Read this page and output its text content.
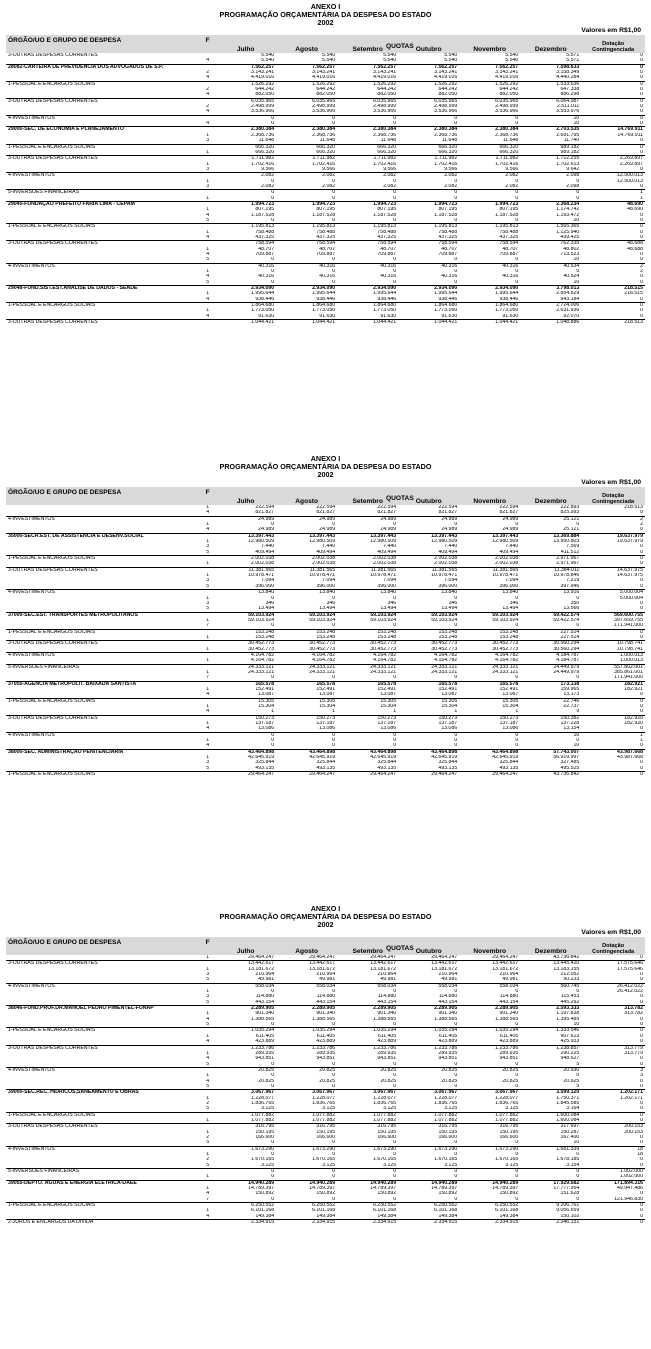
ANEXO I
PROGRAMAÇÃO ORÇAMENTÁRIA DA DESPESA DO ESTADO
2002
Valores em R$1,00
ÓRGÃO/UO E GRUPO DE DESPESA	F	Julho	Agosto	Setembro	Outubro	Novembro	Dezembro	Dotação Contingenciada
QUOTAS
3-OUTRAS DESPESAS CORRENTES		5.540	5.540	5.540	5.540	5.540	5.571	0
	4	5.540	5.540	5.540	5.540	5.540	5.571	0
28082-CARTEIRA DE PREVIDÊNCIA DOS ADVOGADOS DE S.P.		7.562.257	7.562.257	7.562.257	7.562.257	7.562.257	7.598.633	0
	2	3.143.241	3.143.241	3.143.241	3.143.241	3.143.241	3.158.349	0
	4	4.419.016	4.419.016	4.419.016	4.419.016	4.419.016	4.440.284	0
1-PESSOAL E ENCARGOS SOCIAIS		1.526.292	1.526.292	1.526.292	1.526.292	1.526.292	1.533.636	0
	2	644.242	644.242	644.242	644.242	644.242	647.338	0
	4	882.050	882.050	882.050	882.050	882.050	886.298	0
3-OUTRAS DESPESAS CORRENTES		6.035.965	6.035.965	6.035.965	6.035.965	6.035.965	6.064.987	0
	2	2.498.999	2.498.999	2.498.999	2.498.999	2.498.999	2.511.011	0
	4	3.536.966	3.536.966	3.536.966	3.536.966	3.536.966	3.553.976	0
4-INVESTIMENTOS		0	0	0	0	0	10	0
	4	0	0	0	0	0	10	0
29000-SEC. DE ECONOMIA E PLANEJAMENTO		2.380.384	2.380.384	2.380.384	2.380.384	2.380.384	2.703.535	14.769.911
	1	2.368.736	2.368.736	2.368.736	2.368.736	2.368.736	2.691.795	14.769.911
	3	11.648	11.648	11.648	11.648	11.648	11.740	0
1-PESSOAL E ENCARGOS SOCIAIS		666.320	666.320	666.320	666.320	666.320	989.182	0
	1	666.320	666.320	666.320	666.320	666.320	989.182	0
3-OUTRAS DESPESAS CORRENTES		1.711.982	1.711.982	1.711.982	1.711.982	1.711.982	1.712.255	2.269.897
	1	1.702.416	1.702.416	1.702.416	1.702.416	1.702.416	1.702.613	2.269.897
	3	9.566	9.566	9.566	9.566	9.566	9.642	0
4-INVESTIMENTOS		2.082	2.082	2.082	2.082	2.082	2.098	12.500.013
	1	0	0	0	0	0	0	12.500.013
	3	2.082	2.082	2.082	2.082	2.082	2.098	0
5-INVERSÕES FINANCEIRAS		0	0	0	0	0	0	1
	1	0	0	0	0	0	0	1
29045-FUNDAÇÃO PREFEITO FARIA LIMA - CEPAM		1.994.723	1.994.723	1.994.723	1.994.723	1.994.723	2.368.234	48.690
	1	807.195	807.195	807.195	807.195	807.195	1.174.742	48.690
	4	1.187.528	1.187.528	1.187.528	1.187.528	1.187.528	1.193.472	0
	5	0	0	0	0	0	20	0
1-PESSOAL E ENCARGOS SOCIAIS		1.195.813	1.195.813	1.195.813	1.195.813	1.195.813	1.565.365	0
	1	758.488	758.488	758.488	758.488	758.488	1.125.940	0
	4	437.325	437.325	437.325	437.325	437.325	439.425	0
3-OUTRAS DESPESAS CORRENTES		758.594	758.594	758.594	758.594	758.594	762.335	48.688
	1	48.707	48.707	48.707	48.707	48.707	48.802	48.688
	4	709.887	709.887	709.887	709.887	709.887	713.523	0
	5	0	0	0	0	0	10	0
4-INVESTIMENTOS		40.316	40.316	40.316	40.316	40.316	40.534	2
	1	0	0	0	0	0	0	2
	4	40.316	40.316	40.316	40.316	40.316	40.524	0
	5	0	0	0	0	0	10	0
29048-FUND.SIST.EST.ANÁLISE DE DADOS - SEADE		2.934.090	2.934.090	2.934.090	2.934.090	2.934.090	3.798.013	218.515
	1	1.995.644	1.995.644	1.995.644	1.995.644	1.995.644	2.854.829	218.515
	4	938.446	938.446	938.446	938.446	938.446	943.184	0
1-PESSOAL E ENCARGOS SOCIAIS		1.864.680	1.864.680	1.864.680	1.864.680	1.864.680	2.724.006	0
	1	1.773.050	1.773.050	1.773.050	1.773.050	1.773.050	2.631.936	0
	4	91.630	91.630	91.630	91.630	91.630	92.070	0
3-OUTRAS DESPESAS CORRENTES		1.044.421	1.044.421	1.044.421	1.044.421	1.044.421	1.048.886	218.513
ANEXO I
PROGRAMAÇÃO ORÇAMENTÁRIA DA DESPESA DO ESTADO
2002
Valores em R$1,00
ÓRGÃO/UO E GRUPO DE DESPESA	F	Julho	Agosto	Setembro	Outubro	Novembro	Dezembro	Dotação Contingenciada
QUOTAS
	1	222.594	222.594	222.594	222.594	222.594	222.893	218.513
	4	821.827	821.827	821.827	821.827	821.827	825.993	0
4-INVESTIMENTOS		24.989	24.989	24.989	24.989	24.989	25.121	2
	1	0	0	0	0	0	0	2
	4	24.989	24.989	24.989	24.989	24.989	25.121	0
35000-SECR.EST. DE ASSISTÊNCIA E DESENV.SOCIAL		13.397.443	13.397.443	13.397.443	13.397.443	13.397.443	13.369.884	19.637.979
	1	12.980.509	12.980.509	12.980.509	12.980.509	12.980.509	13.950.803	19.637.979
	3	7.440	7.440	7.440	7.440	7.440	7.569	0
	5	409.494	409.494	409.494	409.494	409.494	411.512	0
1-PESSOAL E ENCARGOS SOCIAIS		2.002.038	2.002.038	2.002.038	2.002.038	2.002.038	2.971.967	0
	1	2.002.038	2.002.038	2.002.038	2.002.038	2.002.038	2.971.967	0
3-OUTRAS DESPESAS CORRENTES		11.381.565	11.381.565	11.381.565	11.381.565	11.381.565	11.384.011	14.637.975
	1	10.978.471	10.978.471	10.978.471	10.978.471	10.978.471	10.978.846	14.637.975
	3	7.094	7.094	7.094	7.094	7.094	7.219	0
	5	396.000	396.000	396.000	396.000	396.000	397.946	0
4-INVESTIMENTOS		13.840	13.840	13.840	13.840	13.840	13.916	5.000.004
	1	0	0	0	0	0	0	5.000.004
	3	346	346	346	346	346	350	0
	5	13.494	13.494	13.494	13.494	13.494	13.566	0
37000-SEC.EST. TRANSPORTES METROPOLITANOS		59.103.924	59.103.924	59.103.924	59.103.924	59.103.924	59.422.574	569.600.755
	1	59.103.924	59.103.924	59.103.924	59.103.924	59.103.924	59.422.574	397.659.755
	7	0	0	0	0	0	0	171.941.000
1-PESSOAL E ENCARGOS SOCIAIS		153.248	153.248	153.248	153.248	153.248	227.514	0
	1	153.248	153.248	153.248	153.248	153.248	227.514	0
3-OUTRAS DESPESAS CORRENTES		30.452.773	30.452.773	30.452.773	30.452.773	30.452.773	30.560.294	10.798.741
	1	30.452.773	30.452.773	30.452.773	30.452.773	30.452.773	30.560.294	10.798.741
4-INVESTIMENTOS		4.164.782	4.164.782	4.164.782	4.164.782	4.164.782	4.184.787	1.000.013
	1	4.164.782	4.164.782	4.164.782	4.164.782	4.164.782	4.184.787	1.000.013
5-INVERSÕES FINANCEIRAS		24.333.121	24.333.121	24.333.121	24.333.121	24.333.121	24.449.979	557.802.001
	1	24.333.121	24.333.121	24.333.121	24.333.121	24.333.121	24.449.979	385.861.001
	7	0	0	0	0	0	0	171.941.000
37055-AGÊNCIA METROPOLIT. BAIXADA SANTISTA		165.578	165.578	165.578	165.578	165.578	173.138	182.921
	1	152.491	152.491	152.491	152.491	152.491	159.965	182.921
	4	13.087	13.087	13.087	13.087	13.087	13.173	0
1-PESSOAL E ENCARGOS SOCIAIS		15.305	15.305	15.305	15.305	15.305	22.746	0
	1	15.304	15.304	15.304	15.304	15.304	22.737	0
	4	1	1	1	1	1	9	0
3-OUTRAS DESPESAS CORRENTES		150.273	150.273	150.273	150.273	150.273	150.382	182.920
	1	137.187	137.187	137.187	137.187	137.187	137.228	182.920
	4	13.086	13.086	13.086	13.086	13.086	13.154	0
4-INVESTIMENTOS		0	0	0	0	0	10	1
	1	0	0	0	0	0	0	1
	4	0	0	0	0	0	10	0
38000-SEC. ADMINISTRAÇÃO PENITENCIÁRIA		43.464.898	43.464.898	43.464.898	43.464.898	43.464.898	57.743.007	43.987.668
	1	42.645.919	42.645.919	42.645.919	42.645.919	42.645.919	56.919.997	43.987.668
	3	325.844	325.844	325.844	325.844	325.844	327.485	0
	5	493.135	493.135	493.135	493.135	493.135	495.525	0
1-PESSOAL E ENCARGOS SOCIAIS		29.464.247	29.464.247	29.464.247	29.464.247	29.464.247	43.736.842	0
ANEXO I
PROGRAMAÇÃO ORÇAMENTÁRIA DA DESPESA DO ESTADO
2002
Valores em R$1,00
ÓRGÃO/UO E GRUPO DE DESPESA	F	Julho	Agosto	Setembro	Outubro	Novembro	Dezembro	Dotação Contingenciada
QUOTAS
	1	29.464.247	29.464.247	29.464.247	29.464.247	29.464.247	43.736.842	0
3-OUTRAS DESPESAS CORRENTES		13.442.617	13.442.617	13.442.617	13.442.617	13.442.617	13.445.420	17.575.646
	1	13.181.672	13.181.672	13.181.672	13.181.672	13.181.672	13.183.155	17.575.646
	3	210.964	210.964	210.964	210.964	210.964	212.052	0
	5	49.981	49.981	49.981	49.981	49.981	50.233	0
4-INVESTIMENTOS		558.034	558.034	558.034	558.034	558.034	560.745	26.412.022
	1	0	0	0	0	0	0	26.412.022
	3	114.880	114.880	114.880	114.880	114.880	115.453	0
	5	443.154	443.154	443.154	443.154	443.154	445.292	0
38046-FUND.PROF.DR.MANOEL PEDRO PIMENTEL-FUNAP		2.289.905	2.289.905	2.289.905	2.289.905	2.289.905	2.593.333	313.782
	1	901.340	901.340	901.340	901.340	901.340	1.197.838	313.782
	4	1.388.565	1.388.565	1.388.565	1.388.565	1.388.565	1.395.485	0
	5	0	0	0	0	0	10	0
1-PESSOAL E ENCARGOS SOCIAIS		1.035.294	1.035.294	1.035.294	1.035.294	1.035.294	1.333.546	0
	1	611.405	611.405	611.405	611.405	611.405	907.613	0
	4	423.889	423.889	423.889	423.889	423.889	425.933	0
3-OUTRAS DESPESAS CORRENTES		1.233.786	1.233.786	1.233.786	1.233.786	1.233.786	1.238.857	313.779
	1	289.935	289.935	289.935	289.935	289.935	290.225	313.779
	4	943.851	943.851	943.851	943.851	943.851	948.627	0
	5	0	0	0	0	0	5	0
4-INVESTIMENTOS		20.825	20.825	20.825	20.825	20.825	20.930	3
	1	0	0	0	0	0	0	3
	4	20.825	20.825	20.825	20.825	20.825	20.925	0
	5	0	0	0	0	0	5	0
39000-SEC.REC. HÍDRICOS,SANEAMENTO E OBRAS		3.067.967	3.067.967	3.067.967	3.067.967	3.067.967	3.599.120	1.202.171
	1	1.228.077	1.228.077	1.228.077	1.228.077	1.228.077	1.750.371	1.202.171
	2	1.836.765	1.836.765	1.836.765	1.836.765	1.836.765	1.845.585	0
	5	3.125	3.125	3.125	3.125	3.125	3.164	0
1-PESSOAL E ENCARGOS SOCIAIS		1.077.882	1.077.882	1.077.882	1.077.882	1.077.882	1.600.084	0
	1	1.077.882	1.077.882	1.077.882	1.077.882	1.077.882	1.600.084	0
3-OUTRAS DESPESAS CORRENTES		316.795	316.795	316.795	316.795	316.795	317.697	200.153
	1	150.195	150.195	150.195	150.195	150.195	150.287	200.153
	2	166.600	166.600	166.600	166.600	166.600	167.400	0
	5	0	0	0	0	0	10	0
4-INVESTIMENTOS		1.673.290	1.673.290	1.673.290	1.673.290	1.673.290	1.681.339	18
	1	0	0	0	0	0	0	18
	2	1.670.165	1.670.165	1.670.165	1.670.165	1.670.165	1.678.185	0
	5	3.125	3.125	3.125	3.125	3.125	3.154	0
5-INVERSÕES FINANCEIRAS		0	0	0	0	0	0	1.002.000
	1	0	0	0	0	0	0	1.002.000
39055-DEPTO. ÁGUAS E ENERGIA ELÉTRICA-DAEE		14.940.289	14.940.289	14.940.289	14.940.289	14.940.289	17.929.582	171.894.316
	1	14.789.397	14.789.397	14.789.397	14.789.397	14.789.397	17.777.954	49.947.486
	4	150.892	150.892	150.892	150.892	150.892	151.628	0
	7	0	0	0	0	0	0	121.946.830
1-PESSOAL E ENCARGOS SOCIAIS		6.250.552	6.250.552	6.250.552	6.250.552	6.250.552	9.206.761	0
	1	6.101.168	6.101.168	6.101.168	6.101.168	6.101.168	9.056.659	0
	4	149.384	149.384	149.384	149.384	149.384	150.102	0
2-JUROS E ENCARGOS DA DÍVIDA		2.334.915	2.334.915	2.334.915	2.334.915	2.334.915	2.346.131	0
